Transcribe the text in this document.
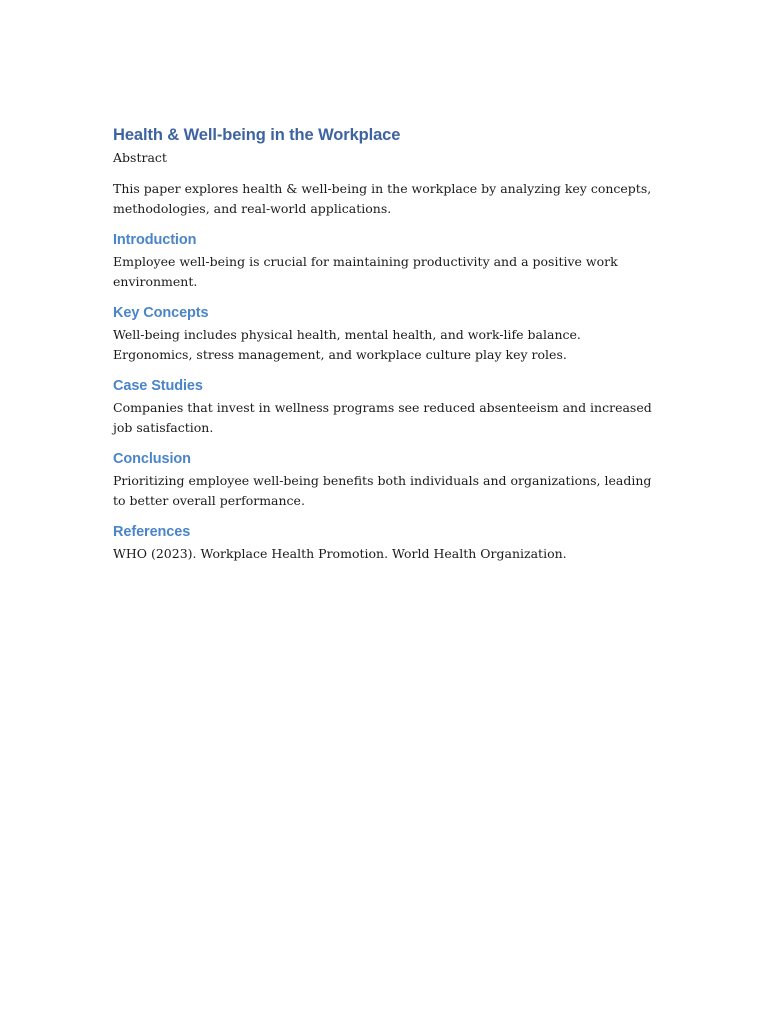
Health & Well-being in the Workplace

Abstract

This paper explores health & well-being in the workplace by analyzing key concepts, methodologies, and real-world applications.

Introduction

Employee well-being is crucial for maintaining productivity and a positive work environment.

Key Concepts

Well-being includes physical health, mental health, and work-life balance. Ergonomics, stress management, and workplace culture play key roles.

Case Studies

Companies that invest in wellness programs see reduced absenteeism and increased job satisfaction.

Conclusion

Prioritizing employee well-being benefits both individuals and organizations, leading to better overall performance.

References

WHO (2023). Workplace Health Promotion. World Health Organization.
